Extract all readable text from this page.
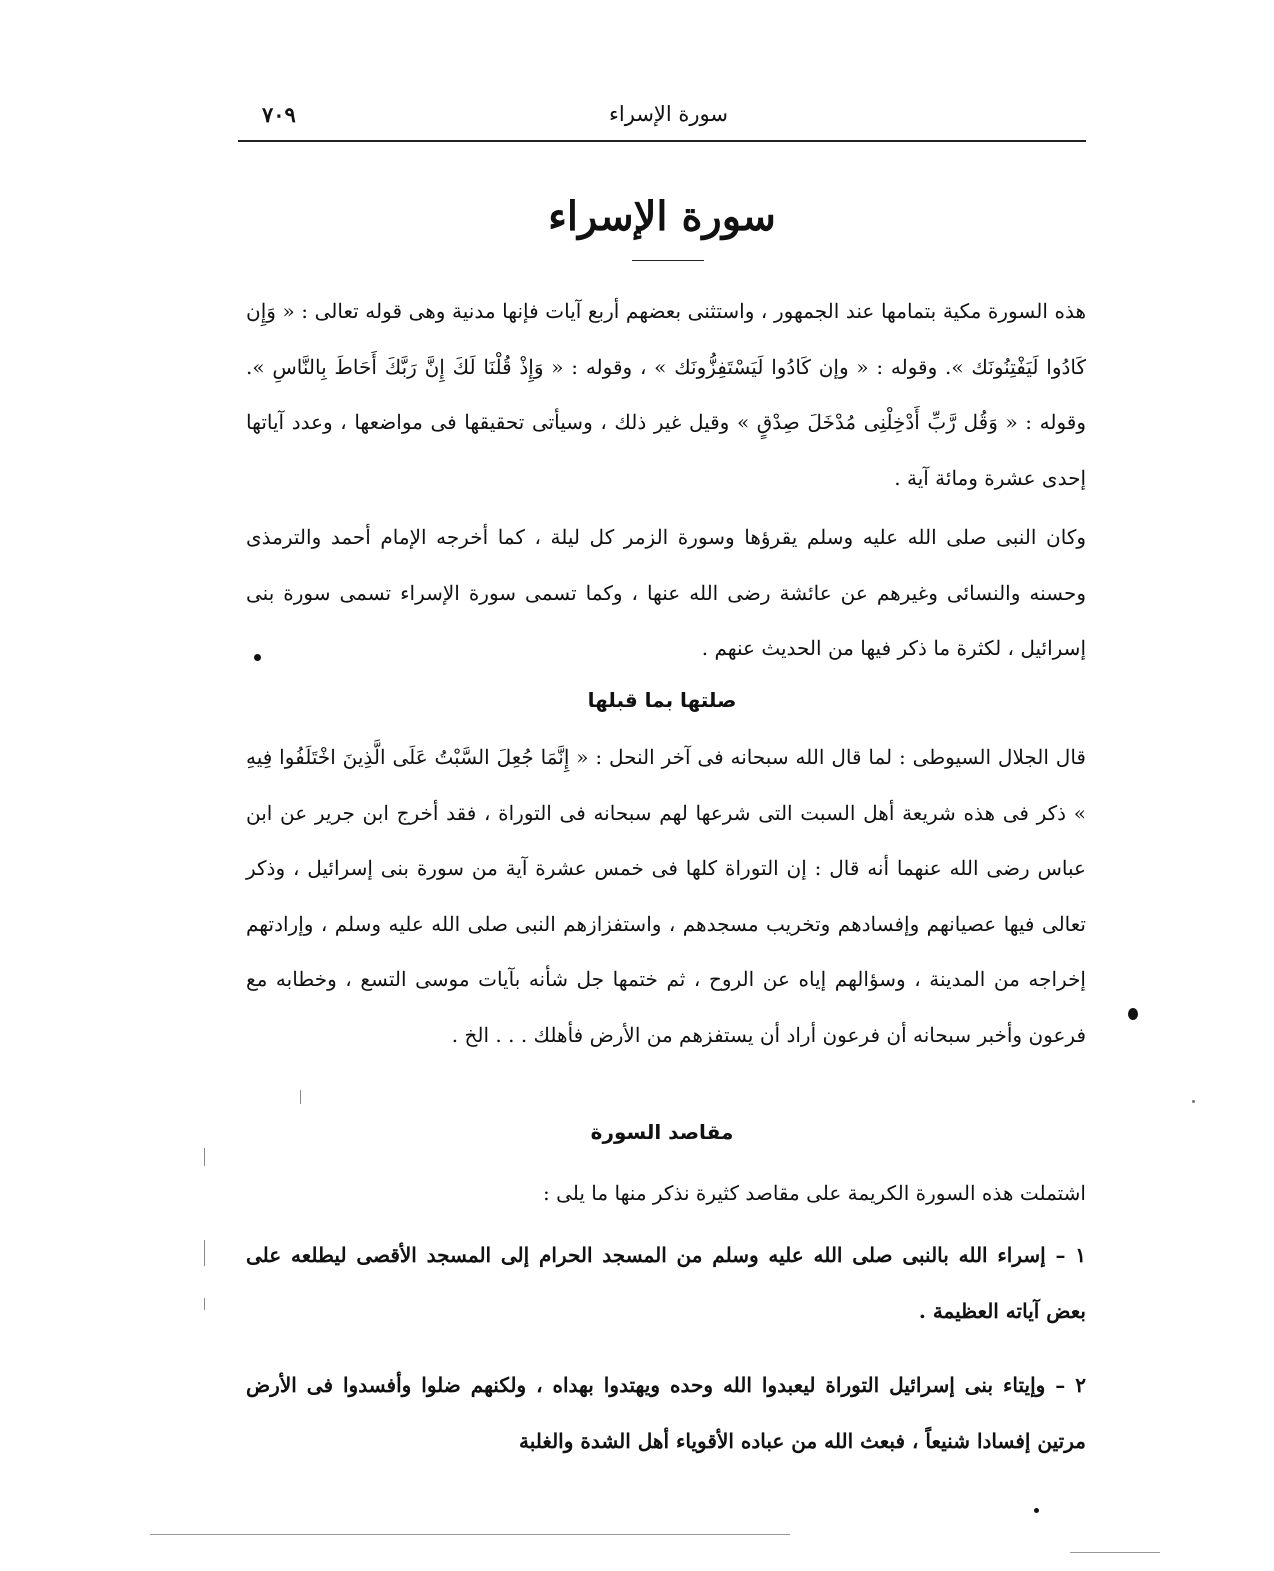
سورة الإسراء
٧٠٩
سورة الإسراء

هذه السورة مكية بتمامها عند الجمهور ، واستثنى بعضهم أربع آيات فإنها مدنية وهى قوله تعالى : « وَإِن كَادُوا لَيَفْتِنُونَك ». وقوله : « وإن كَادُوا لَيَسْتَفِزُّونَك » ، وقوله : « وَإِذْ قُلْنَا لَكَ إِنَّ رَبَّكَ أَحَاطَ بِالنَّاسِ ». وقوله : « وَقُل رَّبِّ أَدْخِلْنِى مُدْخَلَ صِدْقٍ » وقيل غير ذلك ، وسيأتى تحقيقها فى مواضعها ، وعدد آياتها إحدى عشرة ومائة آية .

وكان النبى صلى الله عليه وسلم يقرؤها وسورة الزمر كل ليلة ، كما أخرجه الإمام أحمد والترمذى وحسنه والنسائى وغيرهم عن عائشة رضى الله عنها ، وكما تسمى سورة الإسراء تسمى سورة بنى إسرائيل ، لكثرة ما ذكر فيها من الحديث عنهم .

صلتها بما قبلها

قال الجلال السيوطى : لما قال الله سبحانه فى آخر النحل : « إِنَّمَا جُعِلَ السَّبْتُ عَلَى الَّذِينَ اخْتَلَفُوا فِيهِ » ذكر فى هذه شريعة أهل السبت التى شرعها لهم سبحانه فى التوراة ، فقد أخرج ابن جرير عن ابن عباس رضى الله عنهما أنه قال : إن التوراة كلها فى خمس عشرة آية من سورة بنى إسرائيل ، وذكر تعالى فيها عصيانهم وإفسادهم وتخريب مسجدهم ، واستفزازهم النبى صلى الله عليه وسلم ، وإرادتهم إخراجه من المدينة ، وسؤالهم إياه عن الروح ، ثم ختمها جل شأنه بآيات موسى التسع ، وخطابه مع فرعون وأخبر سبحانه أن فرعون أراد أن يستفزهم من الأرض فأهلك . . . الخ .

مقاصد السورة

اشتملت هذه السورة الكريمة على مقاصد كثيرة نذكر منها ما يلى :

١ – إسراء الله بالنبى صلى الله عليه وسلم من المسجد الحرام إلى المسجد الأقصى ليطلعه على بعض آياته العظيمة .

٢ – وإيتاء بنى إسرائيل التوراة ليعبدوا الله وحده ويهتدوا بهداه ، ولكنهم ضلوا وأفسدوا فى الأرض مرتين إفسادا شنيعاً ، فبعث الله من عباده الأقوياء أهل الشدة والغلبة
